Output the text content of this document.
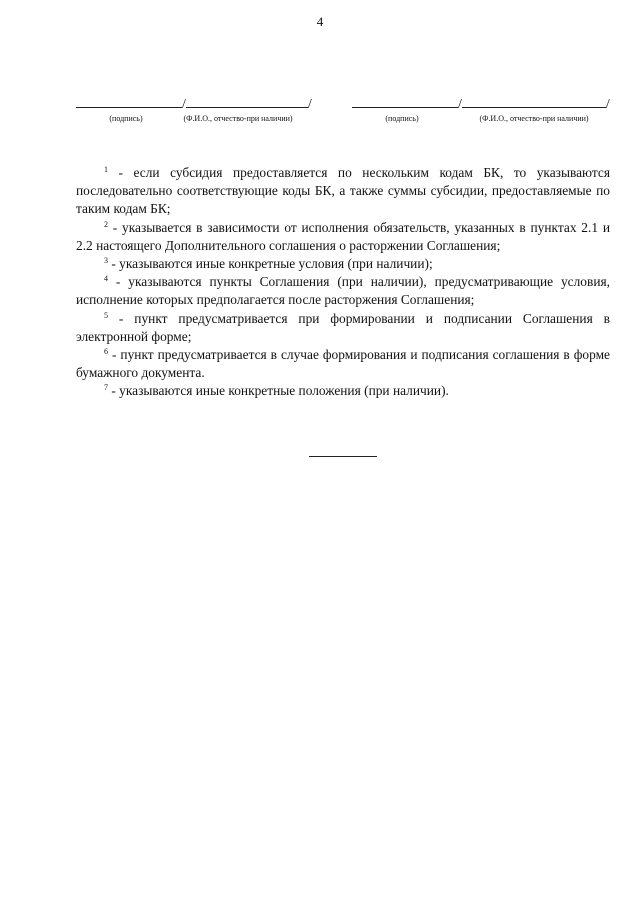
4
/	/
(подпись)	(Ф.И.О., отчество-при наличии)
/	/
(подпись)	(Ф.И.О., отчество-при наличии)

$^1$ - если субсидия предоставляется по нескольким кодам БК, то указываются последовательно соответствующие коды БК, а также суммы субсидии, предоставляемые по таким кодам БК;

$^2$ - указывается в зависимости от исполнения обязательств, указанных в пунктах 2.1 и 2.2 настоящего Дополнительного соглашения о расторжении Соглашения;

$^3$ - указываются иные конкретные условия (при наличии);

$^4$ - указываются пункты Соглашения (при наличии), предусматривающие условия, исполнение которых предполагается после расторжения Соглашения;

$^5$ - пункт предусматривается при формировании и подписании Соглашения в электронной форме;

$^6$ - пункт предусматривается в случае формирования и подписания соглашения в форме бумажного документа.

$^7$ - указываются иные конкретные положения (при наличии).
